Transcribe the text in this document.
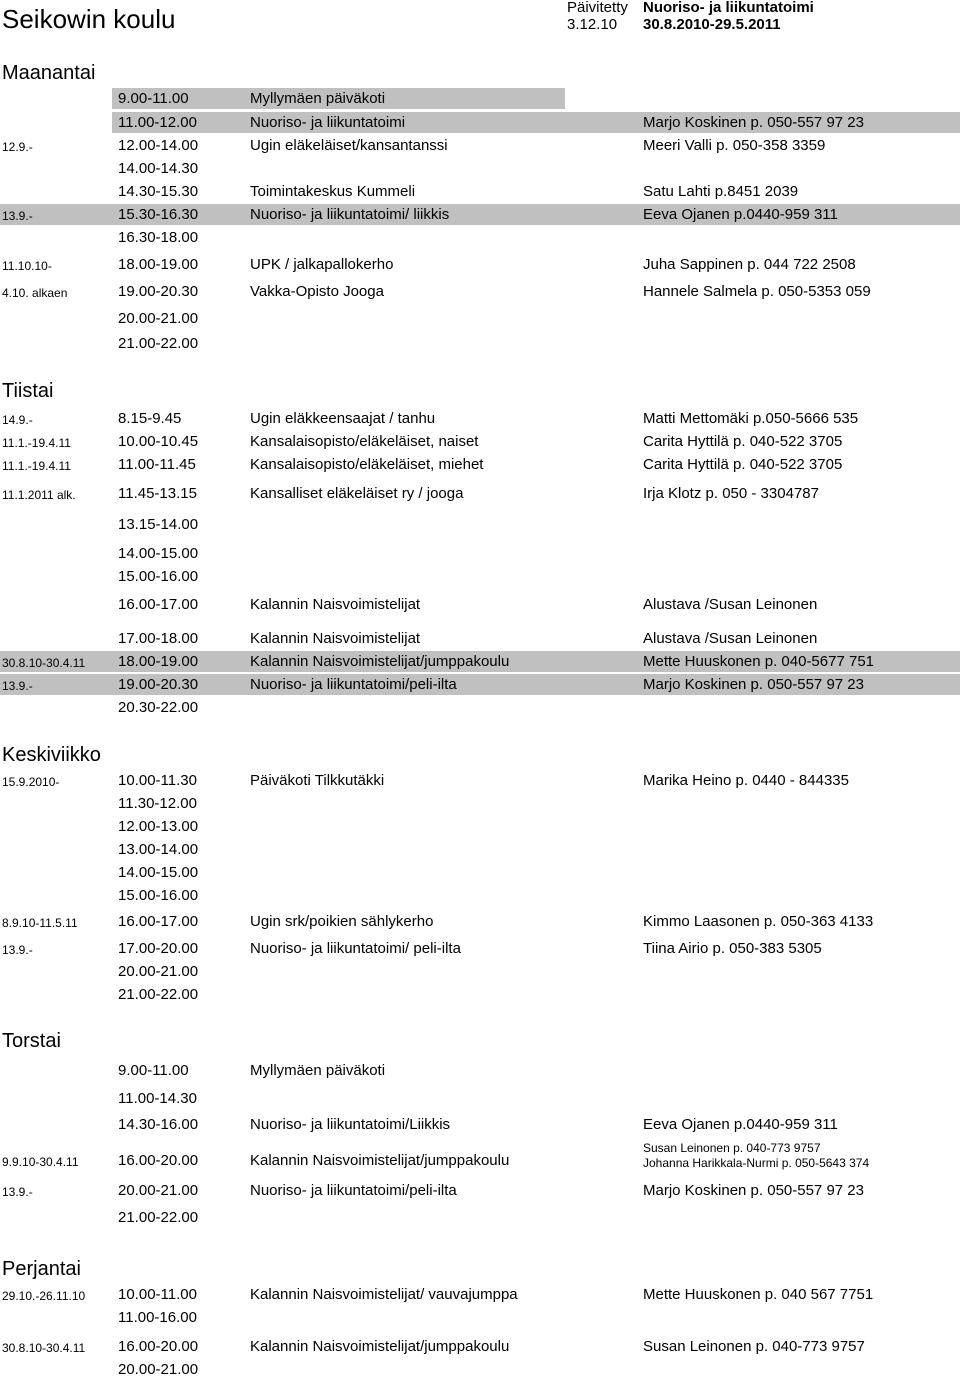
Seikowin koulu	Päivitetty
3.12.10
Nuoriso- ja liikuntatoimi
30.8.2010-29.5.2011
Maanantai
Tiistai
Keskiviikko
Torstai
Perjantai
9.00-11.00	Myllymäen päiväkoti
11.00-12.00	Nuoriso- ja liikuntatoimi	Marjo Koskinen p. 050-557 97 23
12.9.-	12.00-14.00	Ugin eläkeläiset/kansantanssi	Meeri Valli p. 050-358 3359
14.00-14.30
14.30-15.30	Toimintakeskus Kummeli	Satu Lahti p.8451 2039
13.9.-	15.30-16.30	Nuoriso- ja liikuntatoimi/ liikkis	Eeva Ojanen p.0440-959 311
16.30-18.00
11.10.10-	18.00-19.00	UPK / jalkapallokerho	Juha Sappinen p. 044 722 2508
4.10. alkaen	19.00-20.30	Vakka-Opisto Jooga	Hannele Salmela p. 050-5353 059
20.00-21.00
21.00-22.00
14.9.-	8.15-9.45	Ugin eläkkeensaajat / tanhu	Matti Mettomäki p.050-5666 535
11.1.-19.4.11	10.00-10.45	Kansalaisopisto/eläkeläiset, naiset	Carita Hyttilä p. 040-522 3705
11.1.-19.4.11	11.00-11.45	Kansalaisopisto/eläkeläiset, miehet	Carita Hyttilä p. 040-522 3705
11.1.2011 alk.	11.45-13.15	Kansalliset eläkeläiset ry / jooga	Irja Klotz p. 050 - 3304787
13.15-14.00
14.00-15.00
15.00-16.00
16.00-17.00	Kalannin Naisvoimistelijat	Alustava /Susan Leinonen
17.00-18.00	Kalannin Naisvoimistelijat	Alustava /Susan Leinonen
30.8.10-30.4.11 18.00-19.00	Kalannin Naisvoimistelijat/jumppakoulu	Mette Huuskonen p. 040-5677 751
13.9.-	19.00-20.30	Nuoriso- ja liikuntatoimi/peli-ilta	Marjo Koskinen p. 050-557 97 23
20.30-22.00
15.9.2010-	10.00-11.30	Päiväkoti Tilkkutäkki	Marika Heino p. 0440 - 844335
11.30-12.00
12.00-13.00
13.00-14.00
14.00-15.00
15.00-16.00
8.9.10-11.5.11	16.00-17.00	Ugin srk/poikien sählykerho	Kimmo Laasonen p. 050-363 4133
13.9.-	17.00-20.00	Nuoriso- ja liikuntatoimi/ peli-ilta	Tiina Airio p. 050-383 5305
20.00-21.00
21.00-22.00
9.00-11.00	Myllymäen päiväkoti
11.00-14.30
14.30-16.00	Nuoriso- ja liikuntatoimi/Liikkis	Eeva Ojanen p.0440-959 311
9.9.10-30.4.11	16.00-20.00	Kalannin Naisvoimistelijat/jumppakoulu
Susan Leinonen p. 040-773 9757
Johanna Harikkala-Nurmi p. 050-5643 374
13.9.-	20.00-21.00	Nuoriso- ja liikuntatoimi/peli-ilta	Marjo Koskinen p. 050-557 97 23
21.00-22.00
29.10.-26.11.10 10.00-11.00	Kalannin Naisvoimistelijat/ vauvajumppa	Mette Huuskonen p. 040 567 7751
11.00-16.00
30.8.10-30.4.11 16.00-20.00	Kalannin Naisvoimistelijat/jumppakoulu	Susan Leinonen p. 040-773 9757
20.00-21.00
